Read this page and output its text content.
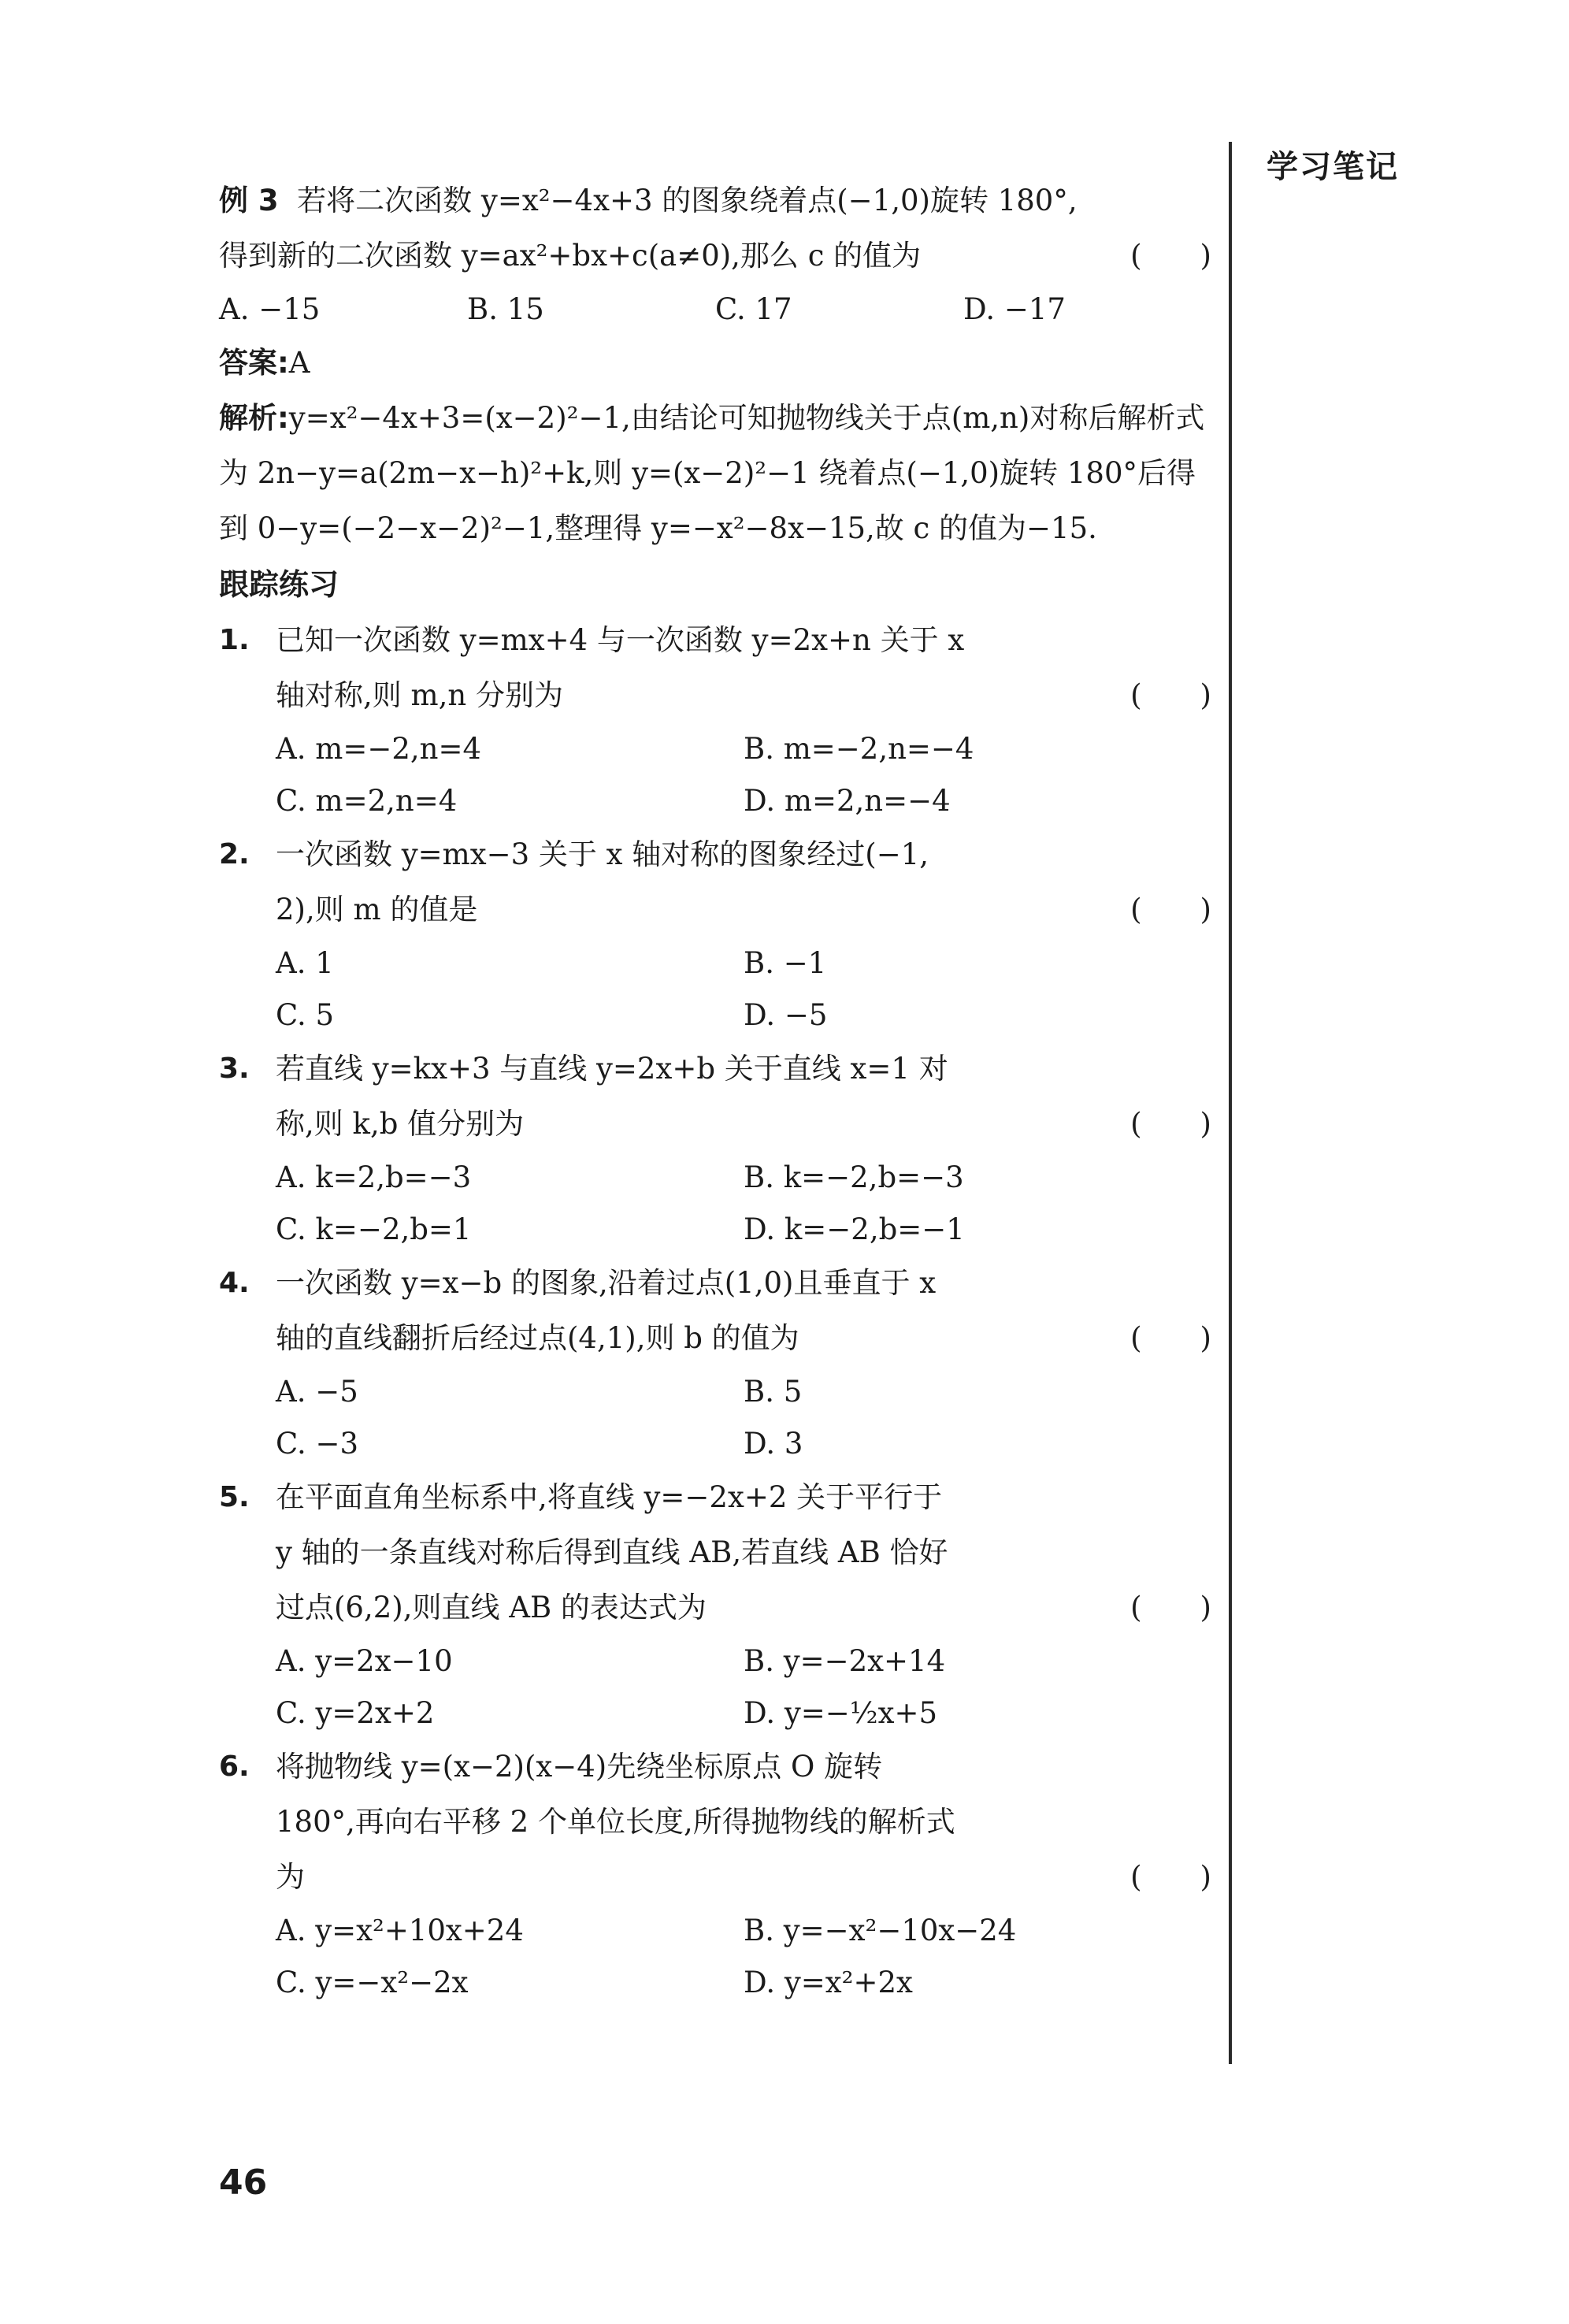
学习笔记
例 3 若将二次函数 y=x²−4x+3 的图象绕着点(−1,0)旋转 180°,
得到新的二次函数 y=ax²+bx+c(a≠0),那么 c 的值为	(　　)
A. −15	B. 15	C. 17	D. −17
答案:A
解析:y=x²−4x+3=(x−2)²−1,由结论可知抛物线关于点(m,n)对称后解析式为 2n−y=a(2m−x−h)²+k,则 y=(x−2)²−1 绕着点(−1,0)旋转 180°后得到 0−y=(−2−x−2)²−1,整理得 y=−x²−8x−15,故 c 的值为−15.
跟踪练习
1. 已知一次函数 y=mx+4 与一次函数 y=2x+n 关于 x
轴对称,则 m,n 分别为	(　　)
A. m=−2,n=4	B. m=−2,n=−4
C. m=2,n=4	D. m=2,n=−4
2. 一次函数 y=mx−3 关于 x 轴对称的图象经过(−1,
2),则 m 的值是	(　　)
A. 1	B. −1
C. 5	D. −5
3. 若直线 y=kx+3 与直线 y=2x+b 关于直线 x=1 对
称,则 k,b 值分别为	(　　)
A. k=2,b=−3	B. k=−2,b=−3
C. k=−2,b=1	D. k=−2,b=−1
4. 一次函数 y=x−b 的图象,沿着过点(1,0)且垂直于 x
轴的直线翻折后经过点(4,1),则 b 的值为	(　　)
A. −5	B. 5
C. −3	D. 3
5. 在平面直角坐标系中,将直线 y=−2x+2 关于平行于
y 轴的一条直线对称后得到直线 AB,若直线 AB 恰好
过点(6,2),则直线 AB 的表达式为	(　　)
A. y=2x−10	B. y=−2x+14
C. y=2x+2	D. y=−½x+5
6. 将抛物线 y=(x−2)(x−4)先绕坐标原点 O 旋转
180°,再向右平移 2 个单位长度,所得抛物线的解析式
为	(　　)
A. y=x²+10x+24	B. y=−x²−10x−24
C. y=−x²−2x	D. y=x²+2x
46
